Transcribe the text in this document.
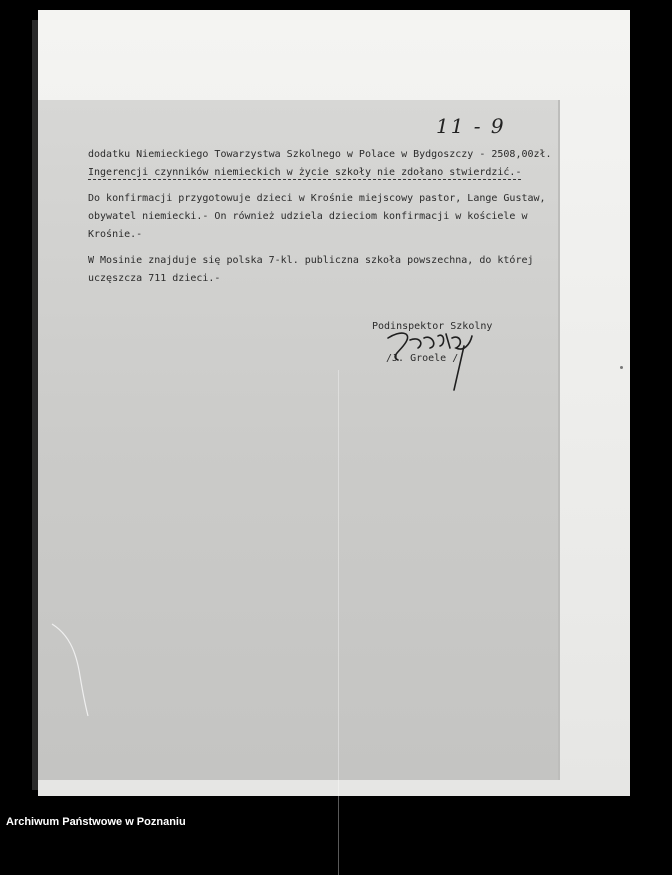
11 - 9

dodatku Niemieckiego Towarzystwa Szkolnego w Polace w Bydgoszczy - 2508,00zł.
Ingerencji czynników niemieckich w życie szkoły nie zdołano stwierdzić.-

Do konfirmacji przygotowuje dzieci w Krośnie miejscowy pastor, Lange Gustaw,
obywatel niemiecki.- On również udziela dzieciom konfirmacji w kościele w
Krośnie.-

W Mosinie znajduje się polska 7-kl. publiczna szkoła powszechna, do której
uczęszcza 711 dzieci.-

Podinspektor Szkolny
/J. Groele /
Archiwum Państwowe w Poznaniu
